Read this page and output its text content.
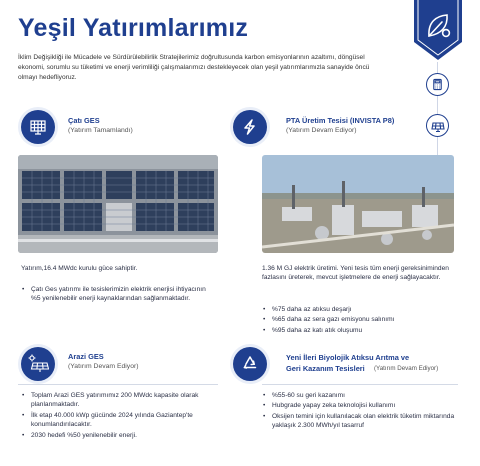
Yeşil Yatırımlarımız
İklim Değişikliği ile Mücadele ve Sürdürülebilirlik Stratejilerimiz doğrultusunda karbon emisyonlarının azaltımı, döngüsel ekonomi, sorumlu su tüketimi ve enerji verimliliği çalışmalarımızı destekleyecek olan yeşil yatırımlarımızla sanayide öncü olmayı hedefliyoruz.
Çatı GES
(Yatırım Tamamlandı)
Yatırım,16.4 MWdc kurulu güce sahiptir.
• Çatı Ges yatırımı ile tesislerimizin elektrik enerjisi ihtiyacının %5 yenilenebilir enerji kaynaklarından sağlanmaktadır.
PTA Üretim Tesisi (INVISTA P8)
(Yatırım Devam Ediyor)
1.36 M GJ elektrik üretimi. Yeni tesis tüm enerji gereksiniminden fazlasını üreterek, mevcut işletmelere de enerji sağlayacaktır.
• %75 daha az atıksu deşarjı
• %65 daha az sera gazı emisyonu salınımı
• %95 daha az katı atık oluşumu
Arazi GES
(Yatırım Devam Ediyor)
• Toplam Arazi GES yatırımımız 200 MWdc kapasite olarak planlanmaktadır.
• İlk etap 40.000 kWp gücünde 2024 yılında Gaziantep'te konumlandırılacaktır.
• 2030 hedefi %50 yenilenebilir enerji.
Yeni İleri Biyolojik Atıksu Arıtma ve
Geri Kazanım Tesisleri (Yatırım Devam Ediyor)
• %55-60 su geri kazanımı
• Hubgrade yapay zeka teknolojisi kullanımı
• Oksijen temini için kullanılacak olan elektrik tüketim miktarında yaklaşık 2.300 MWh/yıl tasarruf
